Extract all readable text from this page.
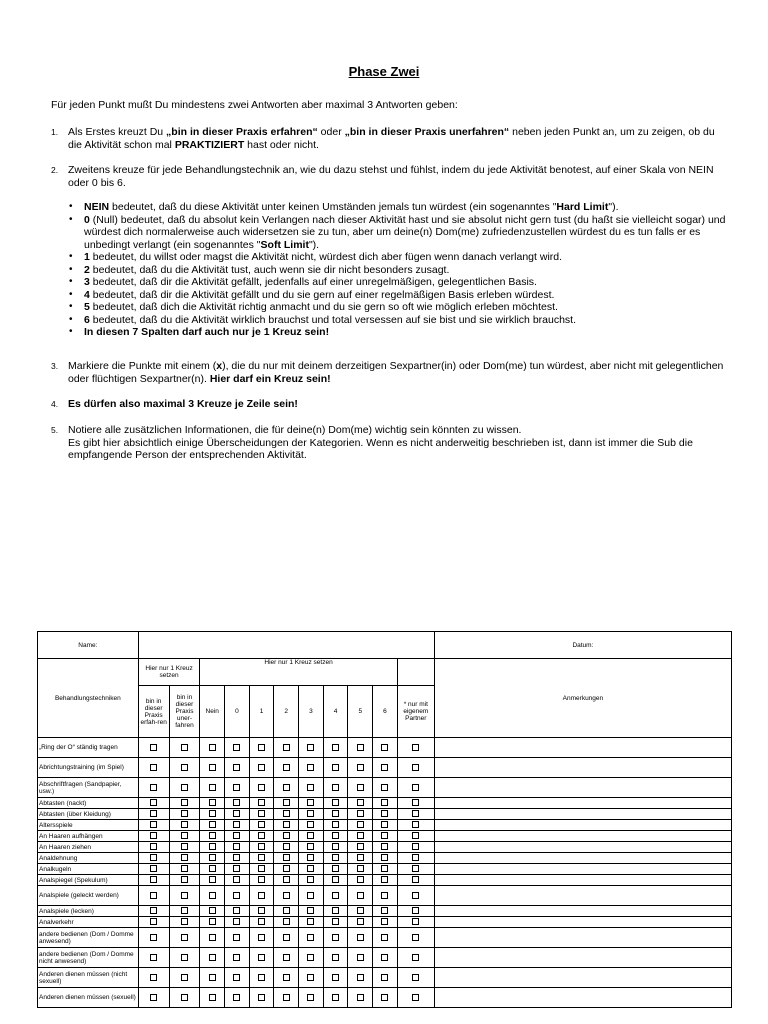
Phase Zwei
Für jeden Punkt mußt Du mindestens zwei Antworten aber maximal 3 Antworten geben:
1. Als Erstes kreuzt Du „bin in dieser Praxis erfahren“ oder „bin in dieser Praxis unerfahren“ neben jeden Punkt an, um zu zeigen, ob du die Aktivität schon mal PRAKTIZIERT hast oder nicht.
2. Zweitens kreuze für jede Behandlungstechnik an, wie du dazu stehst und fühlst, indem du jede Aktivität benotest, auf einer Skala von NEIN oder 0 bis 6.
• NEIN bedeutet, daß du diese Aktivität unter keinen Umständen jemals tun würdest (ein sogenanntes "Hard Limit").
• 0 (Null) bedeutet, daß du absolut kein Verlangen nach dieser Aktivität hast und sie absolut nicht gern tust (du haßt sie vielleicht sogar) und würdest dich normalerweise auch widersetzen sie zu tun, aber um deine(n) Dom(me) zufriedenzustellen würdest du es tun falls er es unbedingt verlangt (ein sogenanntes "Soft Limit").
• 1 bedeutet, du willst oder magst die Aktivität nicht, würdest dich aber fügen wenn danach verlangt wird.
• 2 bedeutet, daß du die Aktivität tust, auch wenn sie dir nicht besonders zusagt.
• 3 bedeutet, daß dir die Aktivität gefällt, jedenfalls auf einer unregelmäßigen, gelegentlichen Basis.
• 4 bedeutet, daß dir die Aktivität gefällt und du sie gern auf einer regelmäßigen Basis erleben würdest.
• 5 bedeutet, daß dich die Aktivität richtig anmacht und du sie gern so oft wie möglich erleben möchtest.
• 6 bedeutet, daß du die Aktivität wirklich brauchst und total versessen auf sie bist und sie wirklich brauchst.
• In diesen 7 Spalten darf auch nur je 1 Kreuz sein!
3. Markiere die Punkte mit einem (x), die du nur mit deinem derzeitigen Sexpartner(in) oder Dom(me) tun würdest, aber nicht mit gelegentlichen oder flüchtigen Sexpartner(n). Hier darf ein Kreuz sein!
4. Es dürfen also maximal 3 Kreuze je Zeile sein!
5. Notiere alle zusätzlichen Informationen, die für deine(n) Dom(me) wichtig sein könnten zu wissen.
Es gibt hier absichtlich einige Überscheidungen der Kategorien. Wenn es nicht anderweitig beschrieben ist, dann ist immer die Sub die empfangende Person der entsprechenden Aktivität.
Name:												Datum:
Behandlungstechniken	Hier nur 1 Kreuz setzen		Hier nur 1 Kreuz setzen									Anmerkungen
	bin in dieser Praxis erfah-ren	bin in dieser Praxis uner-fahren	Nein	0	1	2	3	4	5	6	* nur mit eigenem Partner	
„Ring der O“ ständig tragen												
Abrichtungstraining (im Spiel)												
Abschriftfragen (Sandpapier, usw.)												
Abtasten (nackt)												
Abtasten (über Kleidung)												
Altersspiele												
An Haaren aufhängen												
An Haaren ziehen												
Analdehnung												
Analkugeln												
Analspiegel (Spekulum)												
Analspiele (geleckt werden)												
Analspiele (lecken)												
Analverkehr												
andere bedienen (Dom / Domme anwesend)												
andere bedienen (Dom / Domme nicht anwesend)												
Anderen dienen müssen (nicht sexuell)												
Anderen dienen müssen (sexuell)												
